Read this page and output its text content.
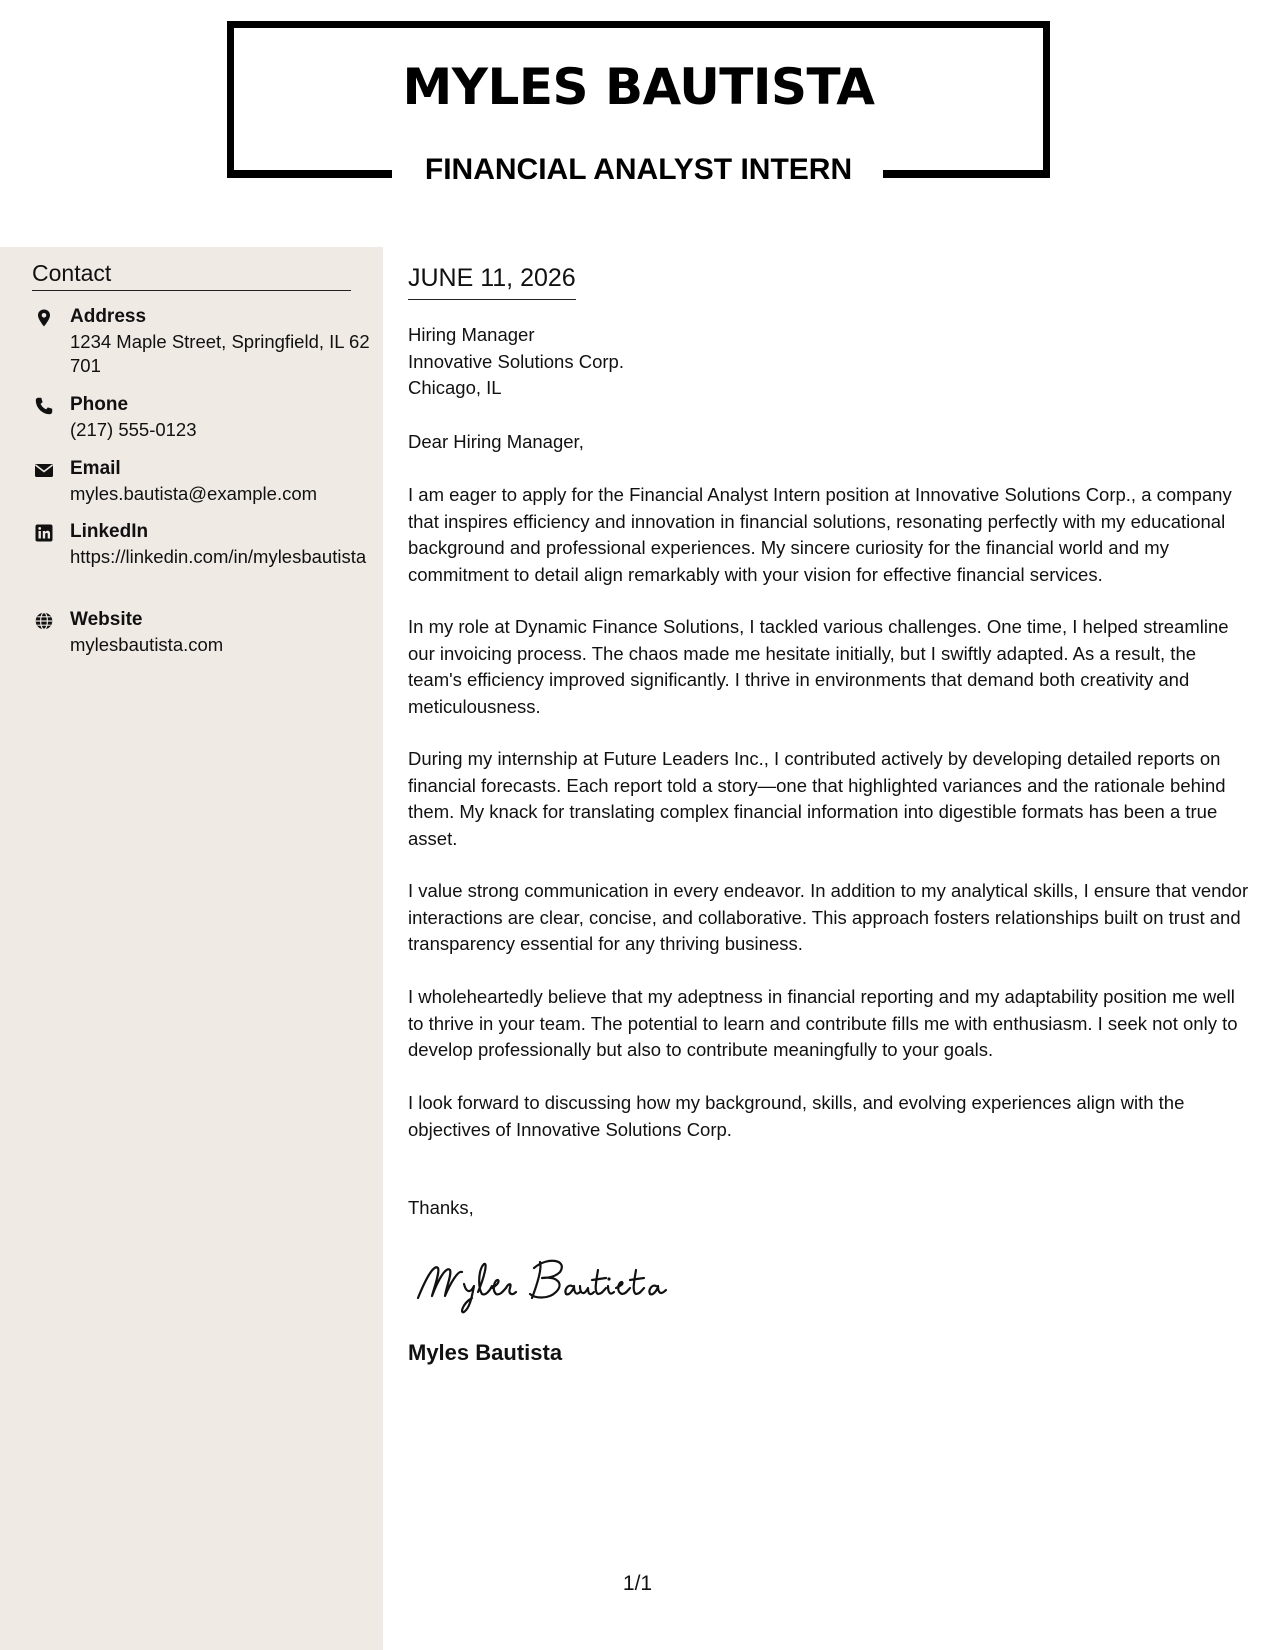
MYLES BAUTISTA
FINANCIAL ANALYST INTERN
Contact
Address
1234 Maple Street, Springfield, IL 62701
Phone
(217) 555-0123
Email
myles.bautista@example.com
LinkedIn
https://linkedin.com/in/mylesbautista
Website
mylesbautista.com
JUNE 11, 2026
Hiring Manager
Innovative Solutions Corp.
Chicago, IL
Dear Hiring Manager,
I am eager to apply for the Financial Analyst Intern position at Innovative Solutions Corp., a company that inspires efficiency and innovation in financial solutions, resonating perfectly with my educational background and professional experiences. My sincere curiosity for the financial world and my commitment to detail align remarkably with your vision for effective financial services.
In my role at Dynamic Finance Solutions, I tackled various challenges. One time, I helped streamline our invoicing process. The chaos made me hesitate initially, but I swiftly adapted. As a result, the team's efficiency improved significantly. I thrive in environments that demand both creativity and meticulousness.
During my internship at Future Leaders Inc., I contributed actively by developing detailed reports on financial forecasts. Each report told a story—one that highlighted variances and the rationale behind them. My knack for translating complex financial information into digestible formats has been a true asset.
I value strong communication in every endeavor. In addition to my analytical skills, I ensure that vendor interactions are clear, concise, and collaborative. This approach fosters relationships built on trust and transparency essential for any thriving business.
I wholeheartedly believe that my adeptness in financial reporting and my adaptability position me well to thrive in your team. The potential to learn and contribute fills me with enthusiasm. I seek not only to develop professionally but also to contribute meaningfully to your goals.
I look forward to discussing how my background, skills, and evolving experiences align with the objectives of Innovative Solutions Corp.
Thanks,
Myles Bautista
1/1
